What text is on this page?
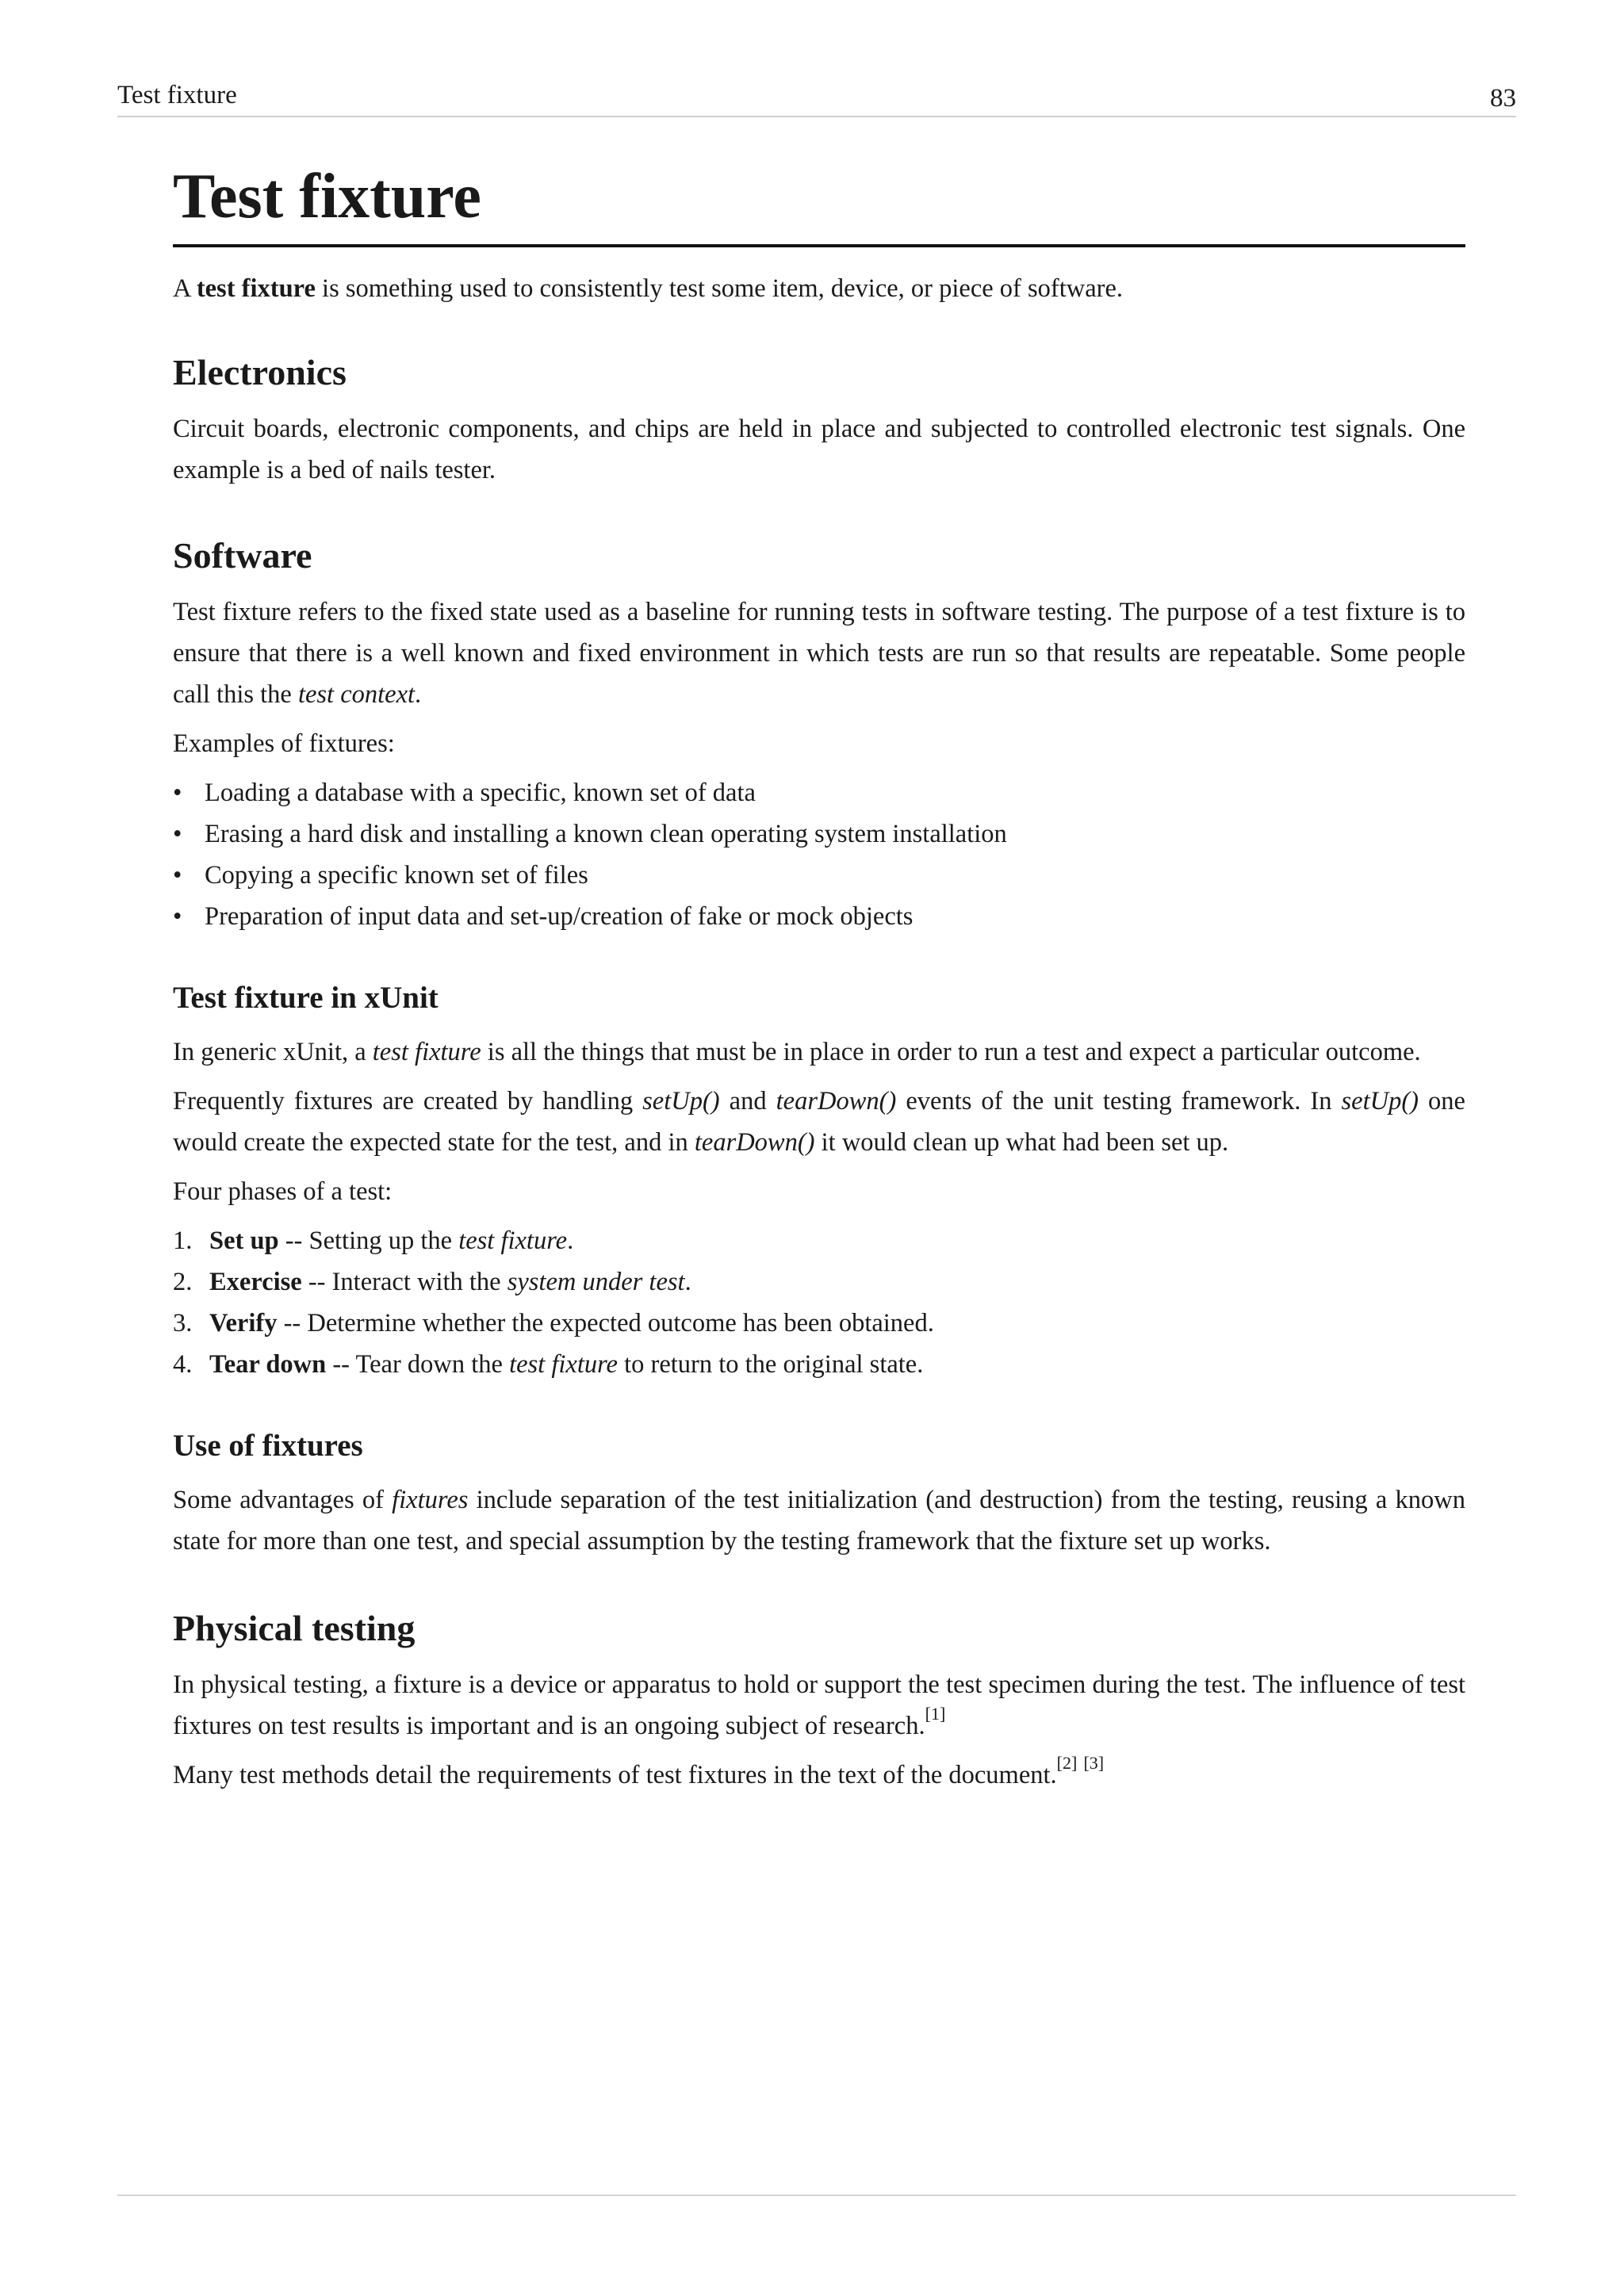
Test fixture	83
Test fixture

A test fixture is something used to consistently test some item, device, or piece of software.

Electronics

Circuit boards, electronic components, and chips are held in place and subjected to controlled electronic test signals. One example is a bed of nails tester.

Software

Test fixture refers to the fixed state used as a baseline for running tests in software testing. The purpose of a test fixture is to ensure that there is a well known and fixed environment in which tests are run so that results are repeatable. Some people call this the test context.

Examples of fixtures:

• Loading a database with a specific, known set of data
• Erasing a hard disk and installing a known clean operating system installation
• Copying a specific known set of files
• Preparation of input data and set-up/creation of fake or mock objects
Test fixture in xUnit

In generic xUnit, a test fixture is all the things that must be in place in order to run a test and expect a particular outcome.

Frequently fixtures are created by handling setUp() and tearDown() events of the unit testing framework. In setUp() one would create the expected state for the test, and in tearDown() it would clean up what had been set up.

Four phases of a test:

1. Set up -- Setting up the test fixture.
2. Exercise -- Interact with the system under test.
3. Verify -- Determine whether the expected outcome has been obtained.
4. Tear down -- Tear down the test fixture to return to the original state.
Use of fixtures

Some advantages of fixtures include separation of the test initialization (and destruction) from the testing, reusing a known state for more than one test, and special assumption by the testing framework that the fixture set up works.

Physical testing

In physical testing, a fixture is a device or apparatus to hold or support the test specimen during the test. The influence of test fixtures on test results is important and is an ongoing subject of research.[1]

Many test methods detail the requirements of test fixtures in the text of the document.[2] [3]
